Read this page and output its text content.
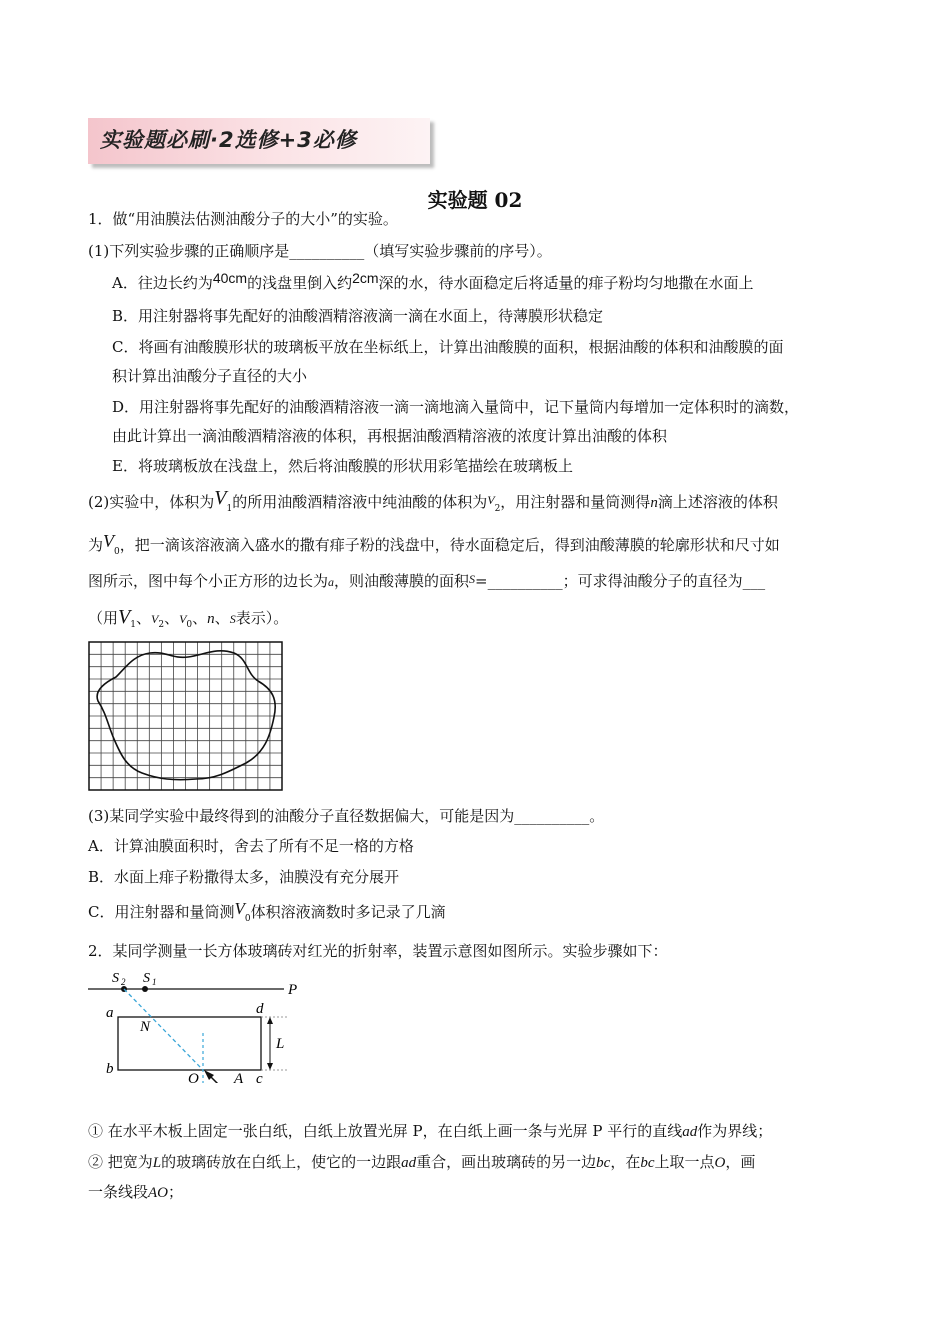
实验题必刷·2选修+3必修
实验题 02
1．做“用油膜法估测油酸分子的大小”的实验。
(1)下列实验步骤的正确顺序是__________（填写实验步骤前的序号）。
A．往边长约为40cm的浅盘里倒入约2cm深的水，待水面稳定后将适量的痱子粉均匀地撒在水面上
B．用注射器将事先配好的油酸酒精溶液滴一滴在水面上，待薄膜形状稳定
C．将画有油酸膜形状的玻璃板平放在坐标纸上，计算出油酸膜的面积，根据油酸的体积和油酸膜的面
积计算出油酸分子直径的大小
D．用注射器将事先配好的油酸酒精溶液一滴一滴地滴入量筒中，记下量筒内每增加一定体积时的滴数，
由此计算出一滴油酸酒精溶液的体积，再根据油酸酒精溶液的浓度计算出油酸的体积
E．将玻璃板放在浅盘上，然后将油酸膜的形状用彩笔描绘在玻璃板上
(2)实验中，体积为$V_1$的所用油酸酒精溶液中纯油酸的体积为$^V_2$，用注射器和量筒测得n滴上述溶液的体积
为$V_0$，把一滴该溶液滴入盛水的撒有痱子粉的浅盘中，待水面稳定后，得到油酸薄膜的轮廓形状和尺寸如
图所示，图中每个小正方形的边长为a，则油酸薄膜的面积$^S$=__________；可求得油酸分子的直径为___
（用$V_1$、$V_2$、$V_0$、n、S表示）。
(3)某同学实验中最终得到的油酸分子直径数据偏大，可能是因为__________。
A．计算油膜面积时，舍去了所有不足一格的方格
B．水面上痱子粉撒得太多，油膜没有充分展开
C．用注射器和量筒测$V_0$体积溶液滴数时多记录了几滴
2．某同学测量一长方体玻璃砖对红光的折射率，装置示意图如图所示。实验步骤如下：
P
S 2 S 1
L
a
b
d
c
N
O A
① 在水平木板上固定一张白纸，白纸上放置光屏 P，在白纸上画一条与光屏 P 平行的直线ad作为界线；
② 把宽为L的玻璃砖放在白纸上，使它的一边跟ad重合，画出玻璃砖的另一边bc，在bc上取一点O，画
一条线段AO；
